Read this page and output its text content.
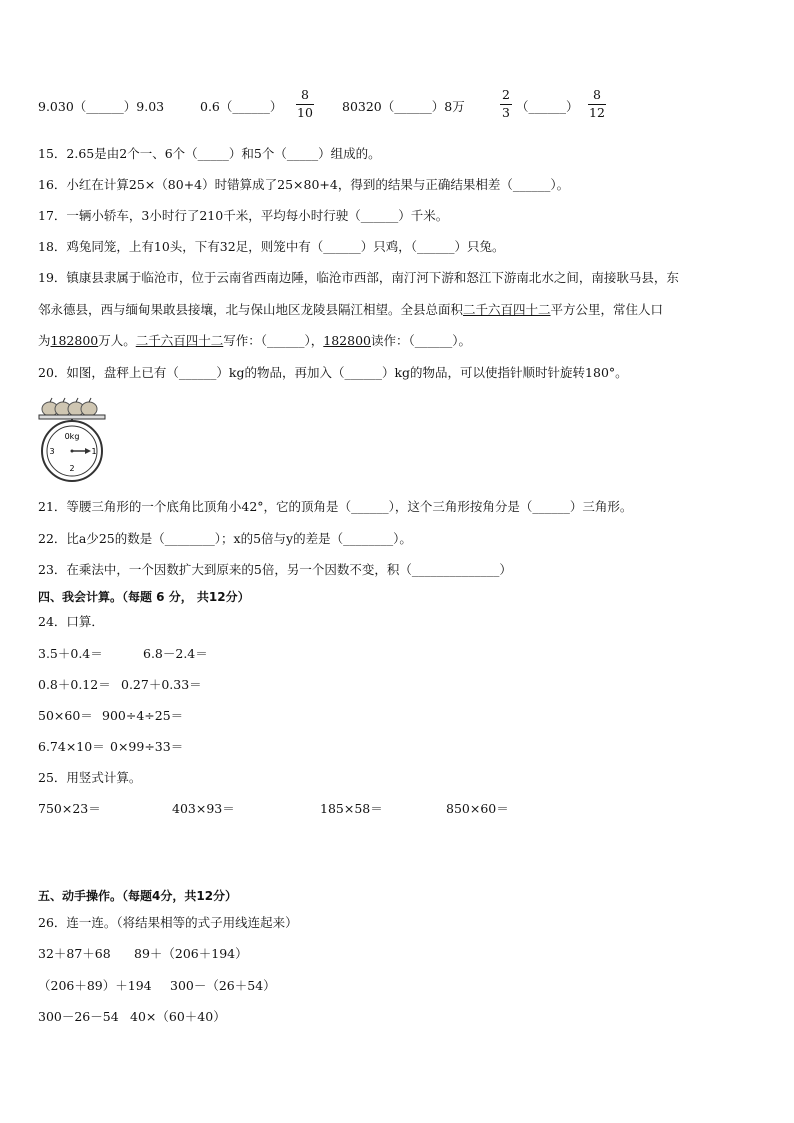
9.030（______）9.03	0.6（______）
8
10 80320（______）8万
2
3 （______）
8
12
15．2.65是由2个一、6个（_____）和5个（_____）组成的。
16．小红在计算25×（80+4）时错算成了25×80+4，得到的结果与正确结果相差（______）。
17．一辆小轿车，3小时行了210千米，平均每小时行驶（______）千米。
18．鸡兔同笼，上有10头，下有32足，则笼中有（______）只鸡，（______）只兔。
19．镇康县隶属于临沧市，位于云南省西南边陲，临沧市西部，南汀河下游和怒江下游南北水之间，南接耿马县，东
邻永德县，西与缅甸果敢县接壤，北与保山地区龙陵县隔江相望。全县总面积二千六百四十二平方公里，常住人口
为182800万人。二千六百四十二写作：（______），182800读作：（______）。
20．如图，盘秤上已有（______）kg的物品，再加入（______）kg的物品，可以使指针顺时针旋转180°。
0kg
3	1
2
21．等腰三角形的一个底角比顶角小42°，它的顶角是（______），这个三角形按角分是（______）三角形。
22．比a少25的数是（________）；x的5倍与y的差是（________）。
23．在乘法中，一个因数扩大到原来的5倍，另一个因数不变，积（______________）
四、我会计算。（每题 6 分， 共12分）
24．口算．
3.5＋0.4＝	6.8－2.4＝
0.8＋0.12＝ 0.27＋0.33＝
50×60＝ 900÷4÷25＝
6.74×10＝ 0×99÷33＝
25．用竖式计算。
750×23＝	403×93＝	185×58＝	850×60＝
五、动手操作。（每题4分，共12分）
26．连一连。（将结果相等的式子用线连起来）
32＋87＋68 89＋（206＋194）
（206＋89）＋194 300－（26＋54）
300－26－54 40×（60＋40）
